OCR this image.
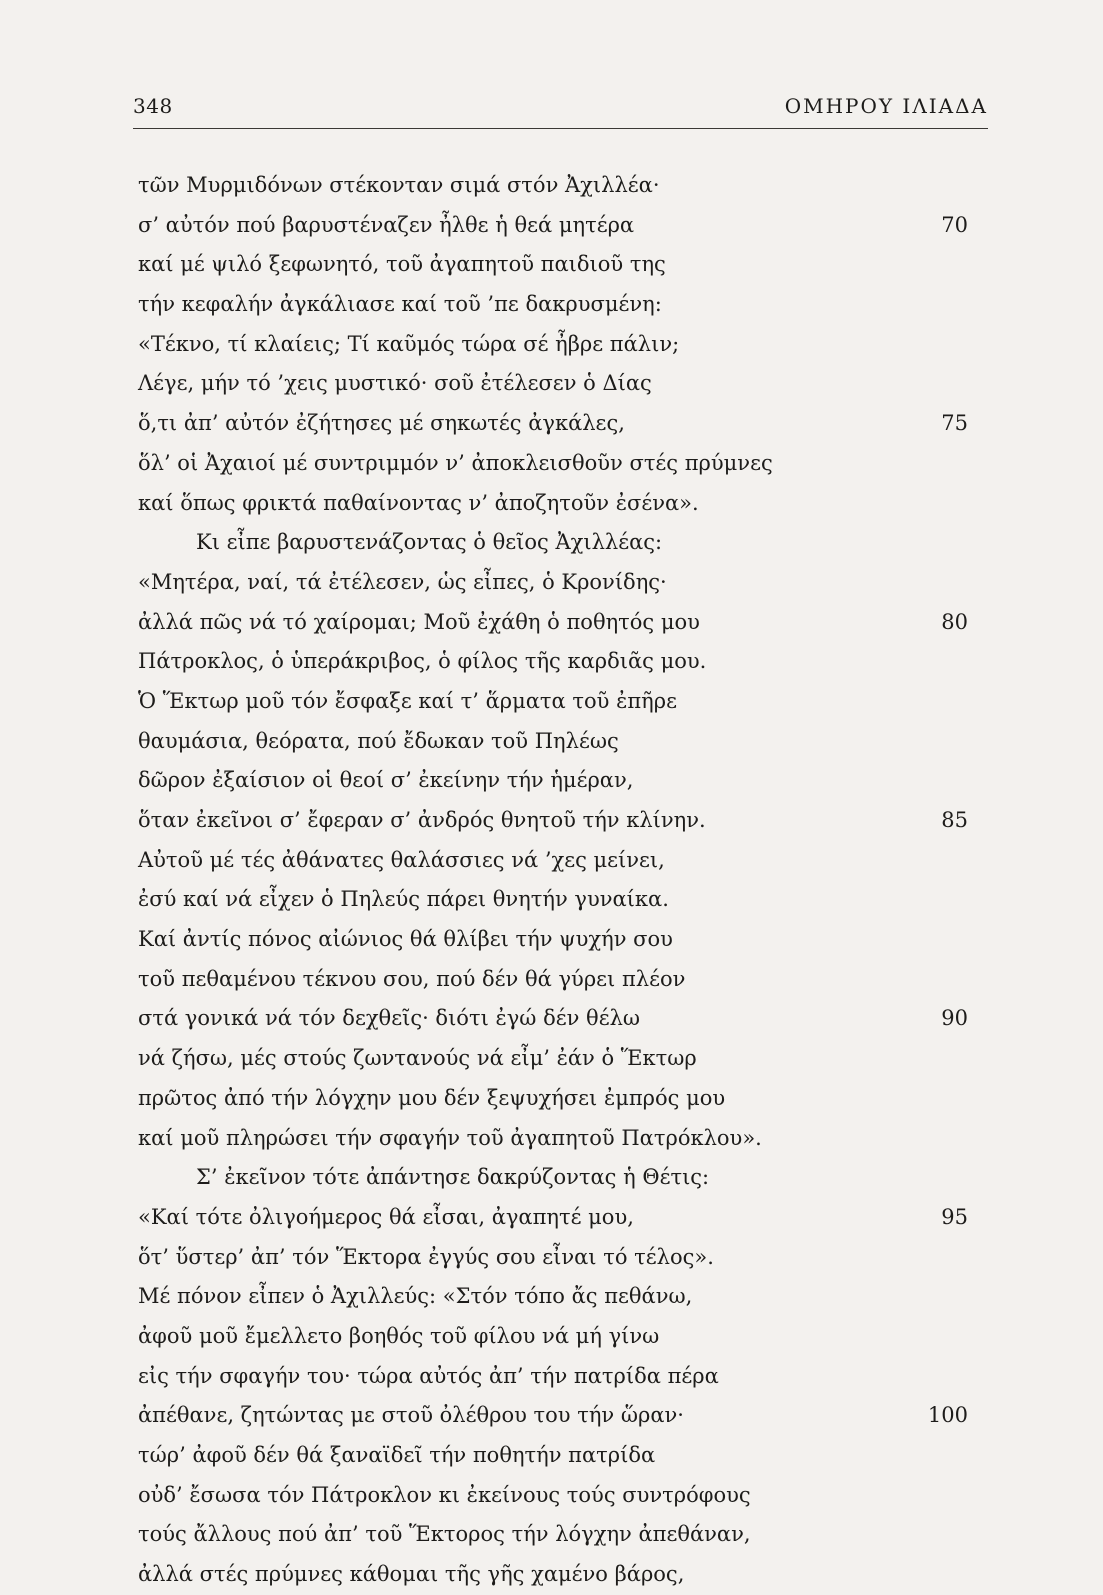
348	ΟΜΗΡΟΥ ΙΛΙΑΔΑ
τῶν Μυρμιδόνων στέκονταν σιμά στόν Ἀχιλλέα·
σ’ αὐτόν πού βαρυστέναζεν ἦλθε ἡ θεά μητέρα	70
καί μέ ψιλό ξεφωνητό, τοῦ ἀγαπητοῦ παιδιοῦ της
τήν κεφαλήν ἀγκάλιασε καί τοῦ ’πε δακρυσμένη:
«Τέκνο, τί κλαίεις; Τί καῦμός τώρα σέ ἦβρε πάλιν;
Λέγε, μήν τό ’χεις μυστικό· σοῦ ἐτέλεσεν ὁ Δίας
ὅ,τι ἀπ’ αὐτόν ἐζήτησες μέ σηκωτές ἀγκάλες,	75
ὅλ’ οἱ Ἀχαιοί μέ συντριμμόν ν’ ἀποκλεισθοῦν στές πρύμνες
καί ὅπως φρικτά παθαίνοντας ν’ ἀποζητοῦν ἐσένα».
Κι εἶπε βαρυστενάζοντας ὁ θεῖος Ἀχιλλέας:
«Μητέρα, ναί, τά ἐτέλεσεν, ὡς εἶπες, ὁ Κρονίδης·
ἀλλά πῶς νά τό χαίρομαι; Μοῦ ἐχάθη ὁ ποθητός μου	80
Πάτροκλος, ὁ ὑπεράκριβος, ὁ φίλος τῆς καρδιᾶς μου.
Ὁ Ἕκτωρ μοῦ τόν ἔσφαξε καί τ’ ἅρματα τοῦ ἐπῆρε
θαυμάσια, θεόρατα, πού ἔδωκαν τοῦ Πηλέως
δῶρον ἐξαίσιον οἱ θεοί σ’ ἐκείνην τήν ἡμέραν,
ὅταν ἐκεῖνοι σ’ ἔφεραν σ’ ἀνδρός θνητοῦ τήν κλίνην.	85
Αὐτοῦ μέ τές ἀθάνατες θαλάσσιες νά ’χες μείνει,
ἐσύ καί νά εἶχεν ὁ Πηλεύς πάρει θνητήν γυναίκα.
Καί ἀντίς πόνος αἰώνιος θά θλίβει τήν ψυχήν σου
τοῦ πεθαμένου τέκνου σου, πού δέν θά γύρει πλέον
στά γονικά νά τόν δεχθεῖς· διότι ἐγώ δέν θέλω	90
νά ζήσω, μές στούς ζωντανούς νά εἶμ’ ἐάν ὁ Ἕκτωρ
πρῶτος ἀπό τήν λόγχην μου δέν ξεψυχήσει ἐμπρός μου
καί μοῦ πληρώσει τήν σφαγήν τοῦ ἀγαπητοῦ Πατρόκλου».
Σ’ ἐκεῖνον τότε ἀπάντησε δακρύζοντας ἡ Θέτις:
«Καί τότε ὀλιγοήμερος θά εἶσαι, ἀγαπητέ μου,	95
ὅτ’ ὕστερ’ ἀπ’ τόν Ἕκτορα ἐγγύς σου εἶναι τό τέλος».
Μέ πόνον εἶπεν ὁ Ἀχιλλεύς: «Στόν τόπο ἄς πεθάνω,
ἀφοῦ μοῦ ἔμελλετο βοηθός τοῦ φίλου νά μή γίνω
εἰς τήν σφαγήν του· τώρα αὐτός ἀπ’ τήν πατρίδα πέρα
ἀπέθανε, ζητώντας με στοῦ ὀλέθρου του τήν ὥραν·	100
τώρ’ ἀφοῦ δέν θά ξαναϊδεῖ τήν ποθητήν πατρίδα
οὐδ’ ἔσωσα τόν Πάτροκλον κι ἐκείνους τούς συντρόφους
τούς ἄλλους πού ἀπ’ τοῦ Ἕκτορος τήν λόγχην ἀπεθάναν,
ἀλλά στές πρύμνες κάθομαι τῆς γῆς χαμένο βάρος,
